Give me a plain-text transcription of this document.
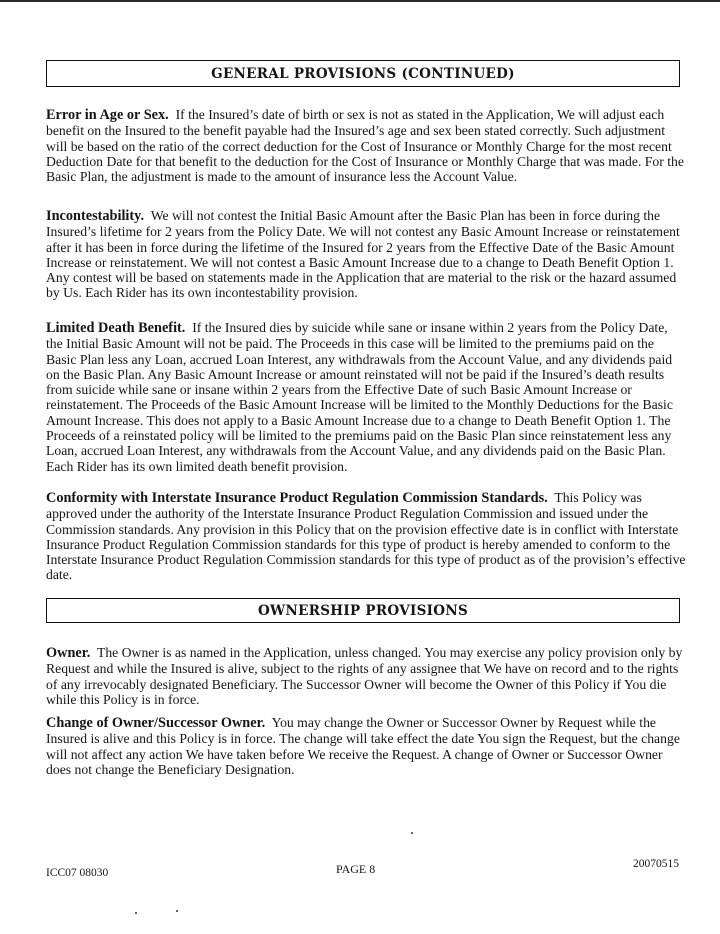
GENERAL PROVISIONS (CONTINUED)

Error in Age or Sex. If the Insured’s date of birth or sex is not as stated in the Application, We will adjust each benefit on the Insured to the benefit payable had the Insured’s age and sex been stated correctly. Such adjustment will be based on the ratio of the correct deduction for the Cost of Insurance or Monthly Charge for the most recent Deduction Date for that benefit to the deduction for the Cost of Insurance or Monthly Charge that was made. For the Basic Plan, the adjustment is made to the amount of insurance less the Account Value.

Incontestability. We will not contest the Initial Basic Amount after the Basic Plan has been in force during the Insured’s lifetime for 2 years from the Policy Date. We will not contest any Basic Amount Increase or reinstatement after it has been in force during the lifetime of the Insured for 2 years from the Effective Date of the Basic Amount Increase or reinstatement. We will not contest a Basic Amount Increase due to a change to Death Benefit Option 1. Any contest will be based on statements made in the Application that are material to the risk or the hazard assumed by Us. Each Rider has its own incontestability provision.

Limited Death Benefit. If the Insured dies by suicide while sane or insane within 2 years from the Policy Date, the Initial Basic Amount will not be paid. The Proceeds in this case will be limited to the premiums paid on the Basic Plan less any Loan, accrued Loan Interest, any withdrawals from the Account Value, and any dividends paid on the Basic Plan. Any Basic Amount Increase or amount reinstated will not be paid if the Insured’s death results from suicide while sane or insane within 2 years from the Effective Date of such Basic Amount Increase or reinstatement. The Proceeds of the Basic Amount Increase will be limited to the Monthly Deductions for the Basic Amount Increase. This does not apply to a Basic Amount Increase due to a change to Death Benefit Option 1. The Proceeds of a reinstated policy will be limited to the premiums paid on the Basic Plan since reinstatement less any Loan, accrued Loan Interest, any withdrawals from the Account Value, and any dividends paid on the Basic Plan. Each Rider has its own limited death benefit provision.

Conformity with Interstate Insurance Product Regulation Commission Standards. This Policy was approved under the authority of the Interstate Insurance Product Regulation Commission and issued under the Commission standards. Any provision in this Policy that on the provision effective date is in conflict with Interstate Insurance Product Regulation Commission standards for this type of product is hereby amended to conform to the Interstate Insurance Product Regulation Commission standards for this type of product as of the provision’s effective date.

OWNERSHIP PROVISIONS

Owner. The Owner is as named in the Application, unless changed. You may exercise any policy provision only by Request and while the Insured is alive, subject to the rights of any assignee that We have on record and to the rights of any irrevocably designated Beneficiary. The Successor Owner will become the Owner of this Policy if You die while this Policy is in force.

Change of Owner/Successor Owner. You may change the Owner or Successor Owner by Request while the Insured is alive and this Policy is in force. The change will take effect the date You sign the Request, but the change will not affect any action We have taken before We receive the Request. A change of Owner or Successor Owner does not change the Beneficiary Designation.

ICC07 08030	PAGE 8	20070515
